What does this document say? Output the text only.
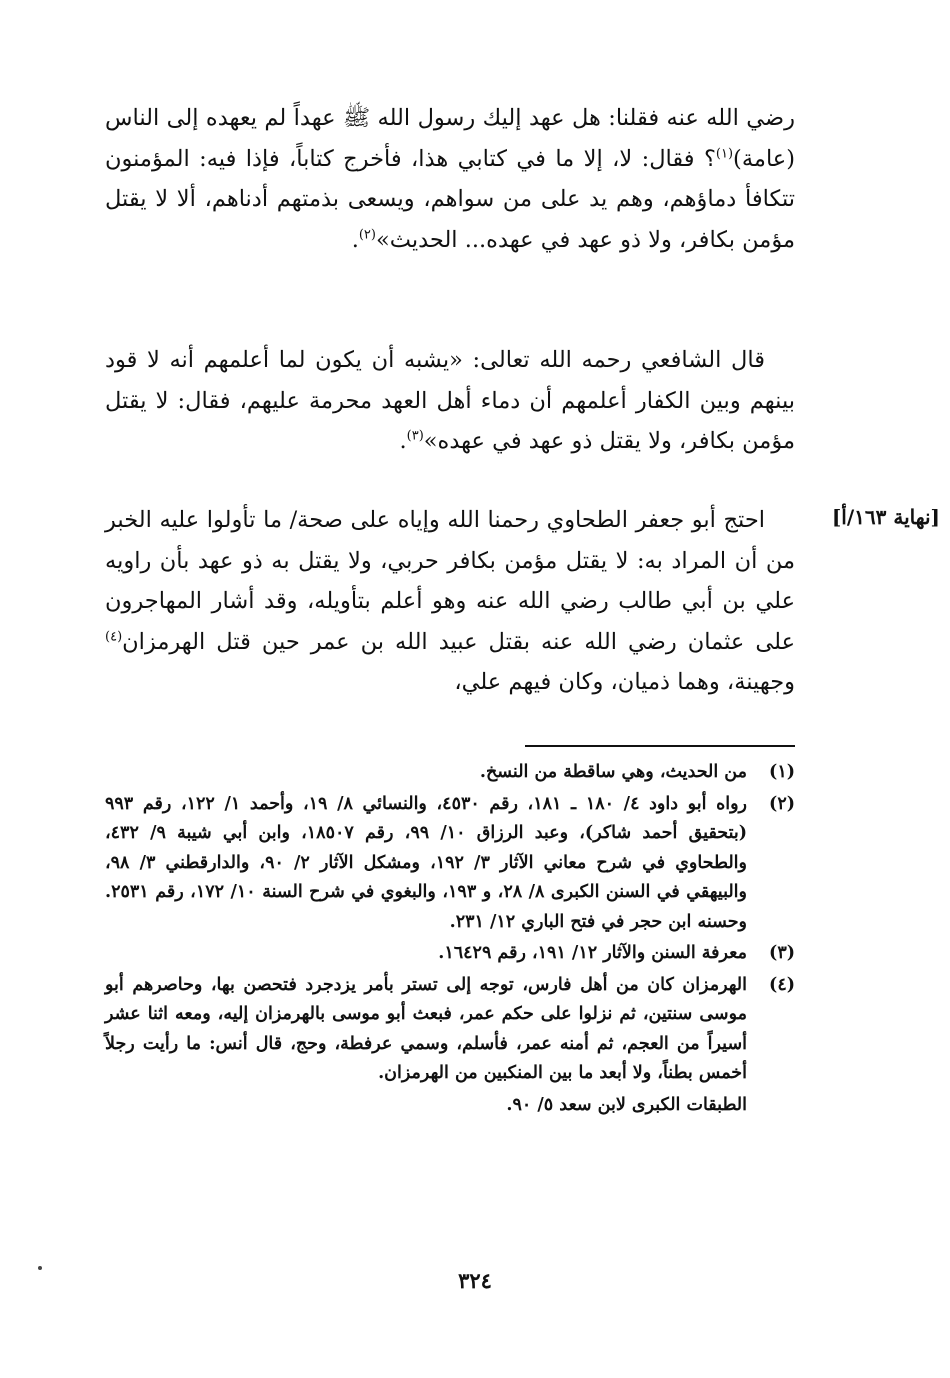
رضي الله عنه فقلنا: هل عهد إليك رسول الله ﷺ عهداً لم يعهده إلى الناس (عامة)$^{(١)}$؟ فقال: لا، إلا ما في كتابي هذا، فأخرج كتاباً، فإذا فيه: المؤمنون تتكافأ دماؤهم، وهم يد على من سواهم، ويسعى بذمتهم أدناهم، ألا لا يقتل مؤمن بكافر، ولا ذو عهد في عهده... الحديث»$^{(٢)}$.
قال الشافعي رحمه الله تعالى: «يشبه أن يكون لما أعلمهم أنه لا قود بينهم وبين الكفار أعلمهم أن دماء أهل العهد محرمة عليهم، فقال: لا يقتل مؤمن بكافر، ولا يقتل ذو عهد في عهده»$^{(٣)}$.
[نهاية ١٦٣/أ]
احتج أبو جعفر الطحاوي رحمنا الله وإياه على صحة/ ما تأولوا عليه الخبر من أن المراد به: لا يقتل مؤمن بكافر حربي، ولا يقتل به ذو عهد بأن راويه علي بن أبي طالب رضي الله عنه وهو أعلم بتأويله، وقد أشار المهاجرون على عثمان رضي الله عنه بقتل عبيد الله بن عمر حين قتل الهرمزان$^{(٤)}$ وجهينة، وهما ذميان، وكان فيهم علي،
(١)
من الحديث، وهي ساقطة من النسخ.
(٢)
رواه أبو داود ٤/ ١٨٠ ـ ١٨١، رقم ٤٥٣٠، والنسائي ٨/ ١٩، وأحمد ١/ ١٢٢، رقم ٩٩٣ (بتحقيق أحمد شاكر)، وعبد الرزاق ١٠/ ٩٩، رقم ١٨٥٠٧، وابن أبي شيبة ٩/ ٤٣٢، والطحاوي في شرح معاني الآثار ٣/ ١٩٢، ومشكل الآثار ٢/ ٩٠، والدارقطني ٣/ ٩٨، والبيهقي في السنن الكبرى ٨/ ٢٨، و ١٩٣، والبغوي في شرح السنة ١٠/ ١٧٢، رقم ٢٥٣١. وحسنه ابن حجر في فتح الباري ١٢/ ٢٣١.
(٣)
معرفة السنن والآثار ١٢/ ١٩١، رقم ١٦٤٢٩.
(٤)
الهرمزان كان من أهل فارس، توجه إلى تستر بأمر يزدجرد فتحصن بها، وحاصرهم أبو موسى سنتين، ثم نزلوا على حكم عمر، فبعث أبو موسى بالهرمزان إليه، ومعه اثنا عشر أسيراً من العجم، ثم أمنه عمر، فأسلم، وسمي عرفطة، وحج، قال أنس: ما رأيت رجلاً أخمس بطناً، ولا أبعد ما بين المنكبين من الهرمزان.
الطبقات الكبرى لابن سعد ٥/ ٩٠.
٣٢٤
